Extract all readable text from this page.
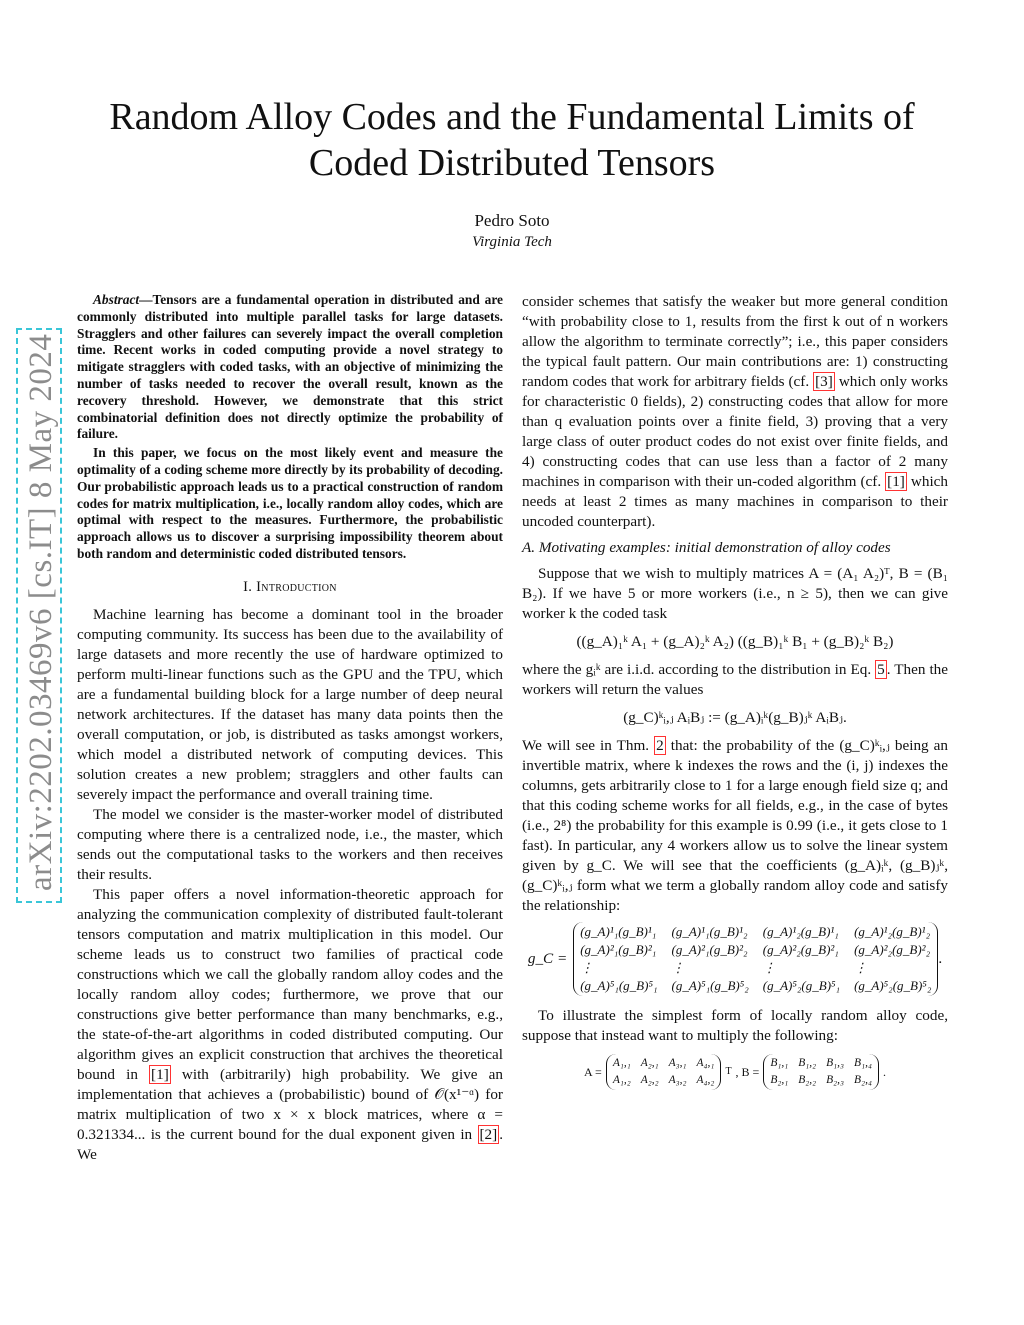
arXiv:2202.03469v6 [cs.IT] 8 May 2024
Random Alloy Codes and the Fundamental Limits of Coded Distributed Tensors
Pedro Soto
Virginia Tech

Abstract—Tensors are a fundamental operation in distributed and are commonly distributed into multiple parallel tasks for large datasets. Stragglers and other failures can severely impact the overall completion time. Recent works in coded computing provide a novel strategy to mitigate stragglers with coded tasks, with an objective of minimizing the number of tasks needed to recover the overall result, known as the recovery threshold. However, we demonstrate that this strict combinatorial definition does not directly optimize the probability of failure.

In this paper, we focus on the most likely event and measure the optimality of a coding scheme more directly by its probability of decoding. Our probabilistic approach leads us to a practical construction of random codes for matrix multiplication, i.e., locally random alloy codes, which are optimal with respect to the measures. Furthermore, the probabilistic approach allows us to discover a surprising impossibility theorem about both random and deterministic coded distributed tensors.

I. Introduction

Machine learning has become a dominant tool in the broader computing community. Its success has been due to the availability of large datasets and more recently the use of hardware optimized to perform multi-linear functions such as the GPU and the TPU, which are a fundamental building block for a large number of deep neural network architectures. If the dataset has many data points then the overall computation, or job, is distributed as tasks amongst workers, which model a distributed network of computing devices. This solution creates a new problem; stragglers and other faults can severely impact the performance and overall training time.

The model we consider is the master-worker model of distributed computing where there is a centralized node, i.e., the master, which sends out the computational tasks to the workers and then receives their results.

This paper offers a novel information-theoretic approach for analyzing the communication complexity of distributed fault-tolerant tensors computation and matrix multiplication in this model. Our scheme leads us to construct two families of practical code constructions which we call the globally random alloy codes and the locally random alloy codes; furthermore, we prove that our constructions give better performance than many benchmarks, e.g., the state-of-the-art algorithms in coded distributed computing. Our algorithm gives an explicit construction that archives the theoretical bound in [1] with (arbitrarily) high probability. We give an implementation that achieves a (probabilistic) bound of 𝒪(x¹⁻ᵅ) for matrix multiplication of two x × x block matrices, where α = 0.321334... is the current bound for the dual exponent given in [2] . We

consider schemes that satisfy the weaker but more general condition “with probability close to 1, results from the first k out of n workers allow the algorithm to terminate correctly”; i.e., this paper considers the typical fault pattern. Our main contributions are: 1) constructing random codes that work for arbitrary fields (cf. [3] which only works for characteristic 0 fields), 2) constructing codes that allow for more than q evaluation points over a finite field, 3) proving that a very large class of outer product codes do not exist over finite fields, and 4) constructing codes that can use less than a factor of 2 many machines in comparison with their un-coded algorithm (cf. [1] which needs at least 2 times as many machines in comparison to their uncoded counterpart).

A. Motivating examples: initial demonstration of alloy codes

Suppose that we wish to multiply matrices A = (A₁ A₂)ᵀ, B = (B₁ B₂). If we have 5 or more workers (i.e., n ≥ 5), then we can give worker k the coded task

((g_A)₁ᵏ A₁ + (g_A)₂ᵏ A₂) ((g_B)₁ᵏ B₁ + (g_B)₂ᵏ B₂)

where the gᵢᵏ are i.i.d. according to the distribution in Eq. 5 . Then the workers will return the values

(g_C)ᵏᵢ,ⱼ AᵢBⱼ := (g_A)ᵢᵏ(g_B)ⱼᵏ AᵢBⱼ.

We will see in Thm. 2 that: the probability of the (g_C)ᵏᵢ,ⱼ being an invertible matrix, where k indexes the rows and the (i, j) indexes the columns, gets arbitrarily close to 1 for a large enough field size q; and that this coding scheme works for all fields, e.g., in the case of bytes (i.e., 2⁸) the probability for this example is 0.99 (i.e., it gets close to 1 fast). In particular, any 4 workers allow us to solve the linear system given by g_C. We will see that the coefficients (g_A)ᵢᵏ, (g_B)ⱼᵏ, (g_C)ᵏᵢ,ⱼ form what we term a globally random alloy code and satisfy the relationship:

g_C =
(g_A)¹₁(g_B)¹₁ (g_A)¹₁(g_B)¹₂ (g_A)¹₂(g_B)¹₁ (g_A)¹₂(g_B)¹₂
(g_A)²₁(g_B)²₁ (g_A)²₁(g_B)²₂ (g_A)²₂(g_B)²₁ (g_A)²₂(g_B)²₂
⋮	⋮	⋮	⋮
(g_A)⁵₁(g_B)⁵₁ (g_A)⁵₁(g_B)⁵₂ (g_A)⁵₂(g_B)⁵₁ (g_A)⁵₂(g_B)⁵₂
.

To illustrate the simplest form of locally random alloy code, suppose that instead want to multiply the following:

A =
A₁,₁ A₂,₁ A₃,₁ A₄,₁
A₁,₂ A₂,₂ A₃,₂ A₄,₂
T , B =
B₁,₁ B₁,₂ B₁,₃ B₁,₄
B₂,₁ B₂,₂ B₂,₃ B₂,₄
.
